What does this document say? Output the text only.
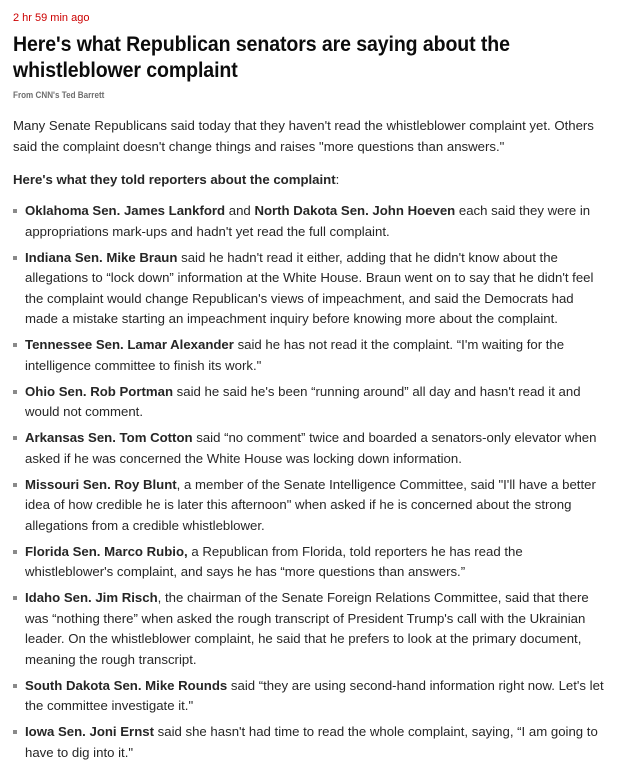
2 hr 59 min ago

Here's what Republican senators are saying about the whistleblower complaint

From CNN's Ted Barrett

Many Senate Republicans said today that they haven't read the whistleblower complaint yet. Others said the complaint doesn't change things and raises "more questions than answers."

Here's what they told reporters about the complaint:

Oklahoma Sen. James Lankford and North Dakota Sen. John Hoeven each said they were in appropriations mark-ups and hadn't yet read the full complaint.
Indiana Sen. Mike Braun said he hadn't read it either, adding that he didn't know about the allegations to “lock down” information at the White House. Braun went on to say that he didn't feel the complaint would change Republican's views of impeachment, and said the Democrats had made a mistake starting an impeachment inquiry before knowing more about the complaint.
Tennessee Sen. Lamar Alexander said he has not read it the complaint. “I'm waiting for the intelligence committee to finish its work."
Ohio Sen. Rob Portman said he said he's been “running around” all day and hasn't read it and would not comment.
Arkansas Sen. Tom Cotton said “no comment” twice and boarded a senators-only elevator when asked if he was concerned the White House was locking down information.
Missouri Sen. Roy Blunt, a member of the Senate Intelligence Committee, said "I'll have a better idea of how credible he is later this afternoon" when asked if he is concerned about the strong allegations from a credible whistleblower.
Florida Sen. Marco Rubio, a Republican from Florida, told reporters he has read the whistleblower's complaint, and says he has “more questions than answers.”
Idaho Sen. Jim Risch, the chairman of the Senate Foreign Relations Committee, said that there was “nothing there” when asked the rough transcript of President Trump's call with the Ukrainian leader. On the whistleblower complaint, he said that he prefers to look at the primary document, meaning the rough transcript.
South Dakota Sen. Mike Rounds said “they are using second-hand information right now. Let's let the committee investigate it."
Iowa Sen. Joni Ernst said she hasn't had time to read the whole complaint, saying, “I am going to have to dig into it."
